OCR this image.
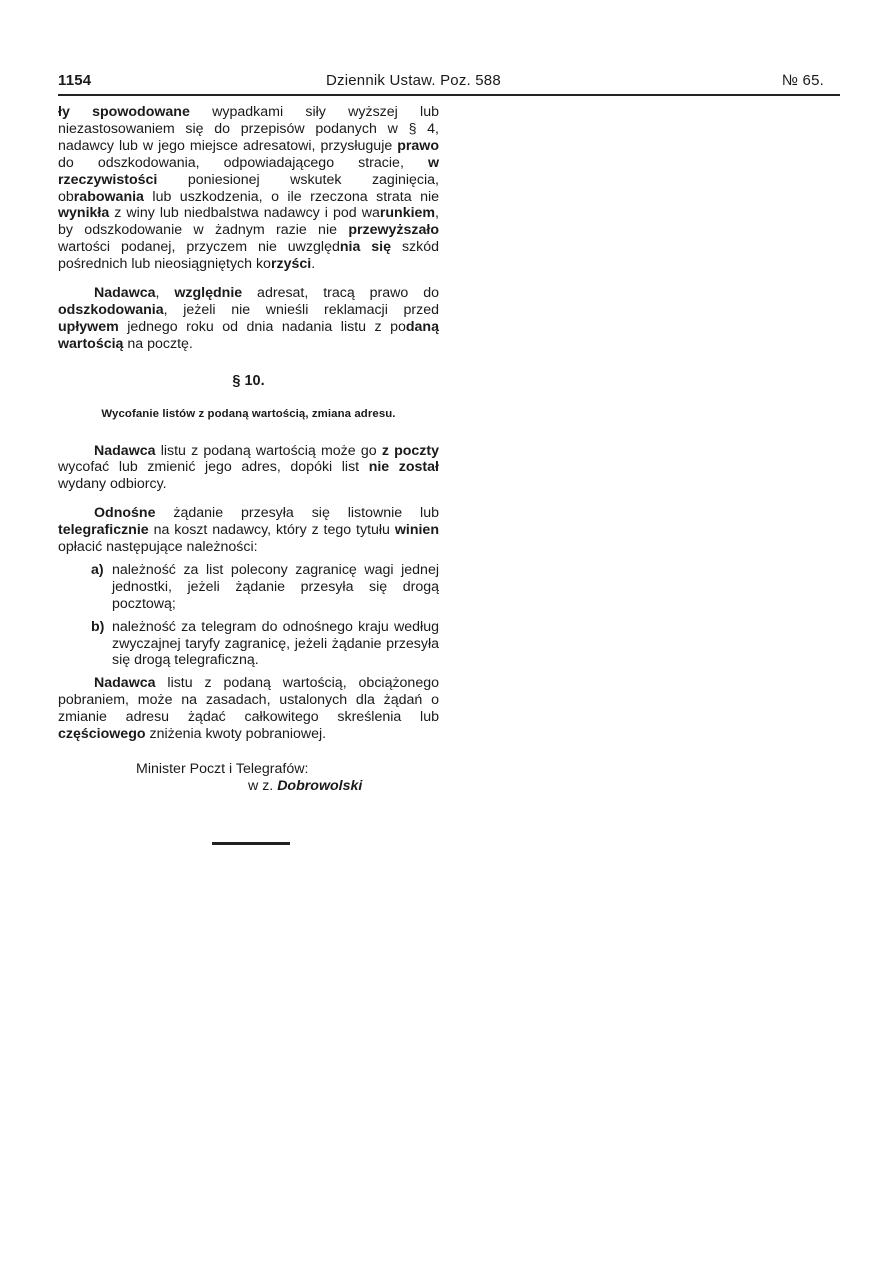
1154	Dziennik Ustaw. Poz. 588	№ 65.

ły spowodowane wypadkami siły wyższej lub niezastosowaniem się do przepisów podanych w § 4, nadawcy lub w jego miejsce adresatowi, przysługuje prawo do odszkodowania, odpowiadającego stracie, w rzeczywistości poniesionej wskutek zaginięcia, obrabowania lub uszkodzenia, o ile rzeczona strata nie wynikła z winy lub niedbalstwa nadawcy i pod warunkiem, by odszkodowanie w żadnym razie nie przewyższało wartości podanej, przyczem nie uwzględnia się szkód pośrednich lub nieosiągniętych korzyści.

Nadawca, względnie adresat, tracą prawo do odszkodowania, jeżeli nie wnieśli reklamacji przed upływem jednego roku od dnia nadania listu z podaną wartością na pocztę.

§ 10.
Wycofanie listów z podaną wartością, zmiana adresu.

Nadawca listu z podaną wartością może go z poczty wycofać lub zmienić jego adres, dopóki list nie został wydany odbiorcy.

Odnośne żądanie przesyła się listownie lub telegraficznie na koszt nadawcy, który z tego tytułu winien opłacić następujące należności:

a) należność za list polecony zagranicę wagi jednej jednostki, jeżeli żądanie przesyła się drogą pocztową;
b) należność za telegram do odnośnego kraju według zwyczajnej taryfy zagranicę, jeżeli żądanie przesyła się drogą telegraficzną.

Nadawca listu z podaną wartością, obciążonego pobraniem, może na zasadach, ustalonych dla żądań o zmianie adresu żądać całkowitego skreślenia lub częściowego zniżenia kwoty pobraniowej.

Minister Poczt i Telegrafów:
w z. Dobrowolski
